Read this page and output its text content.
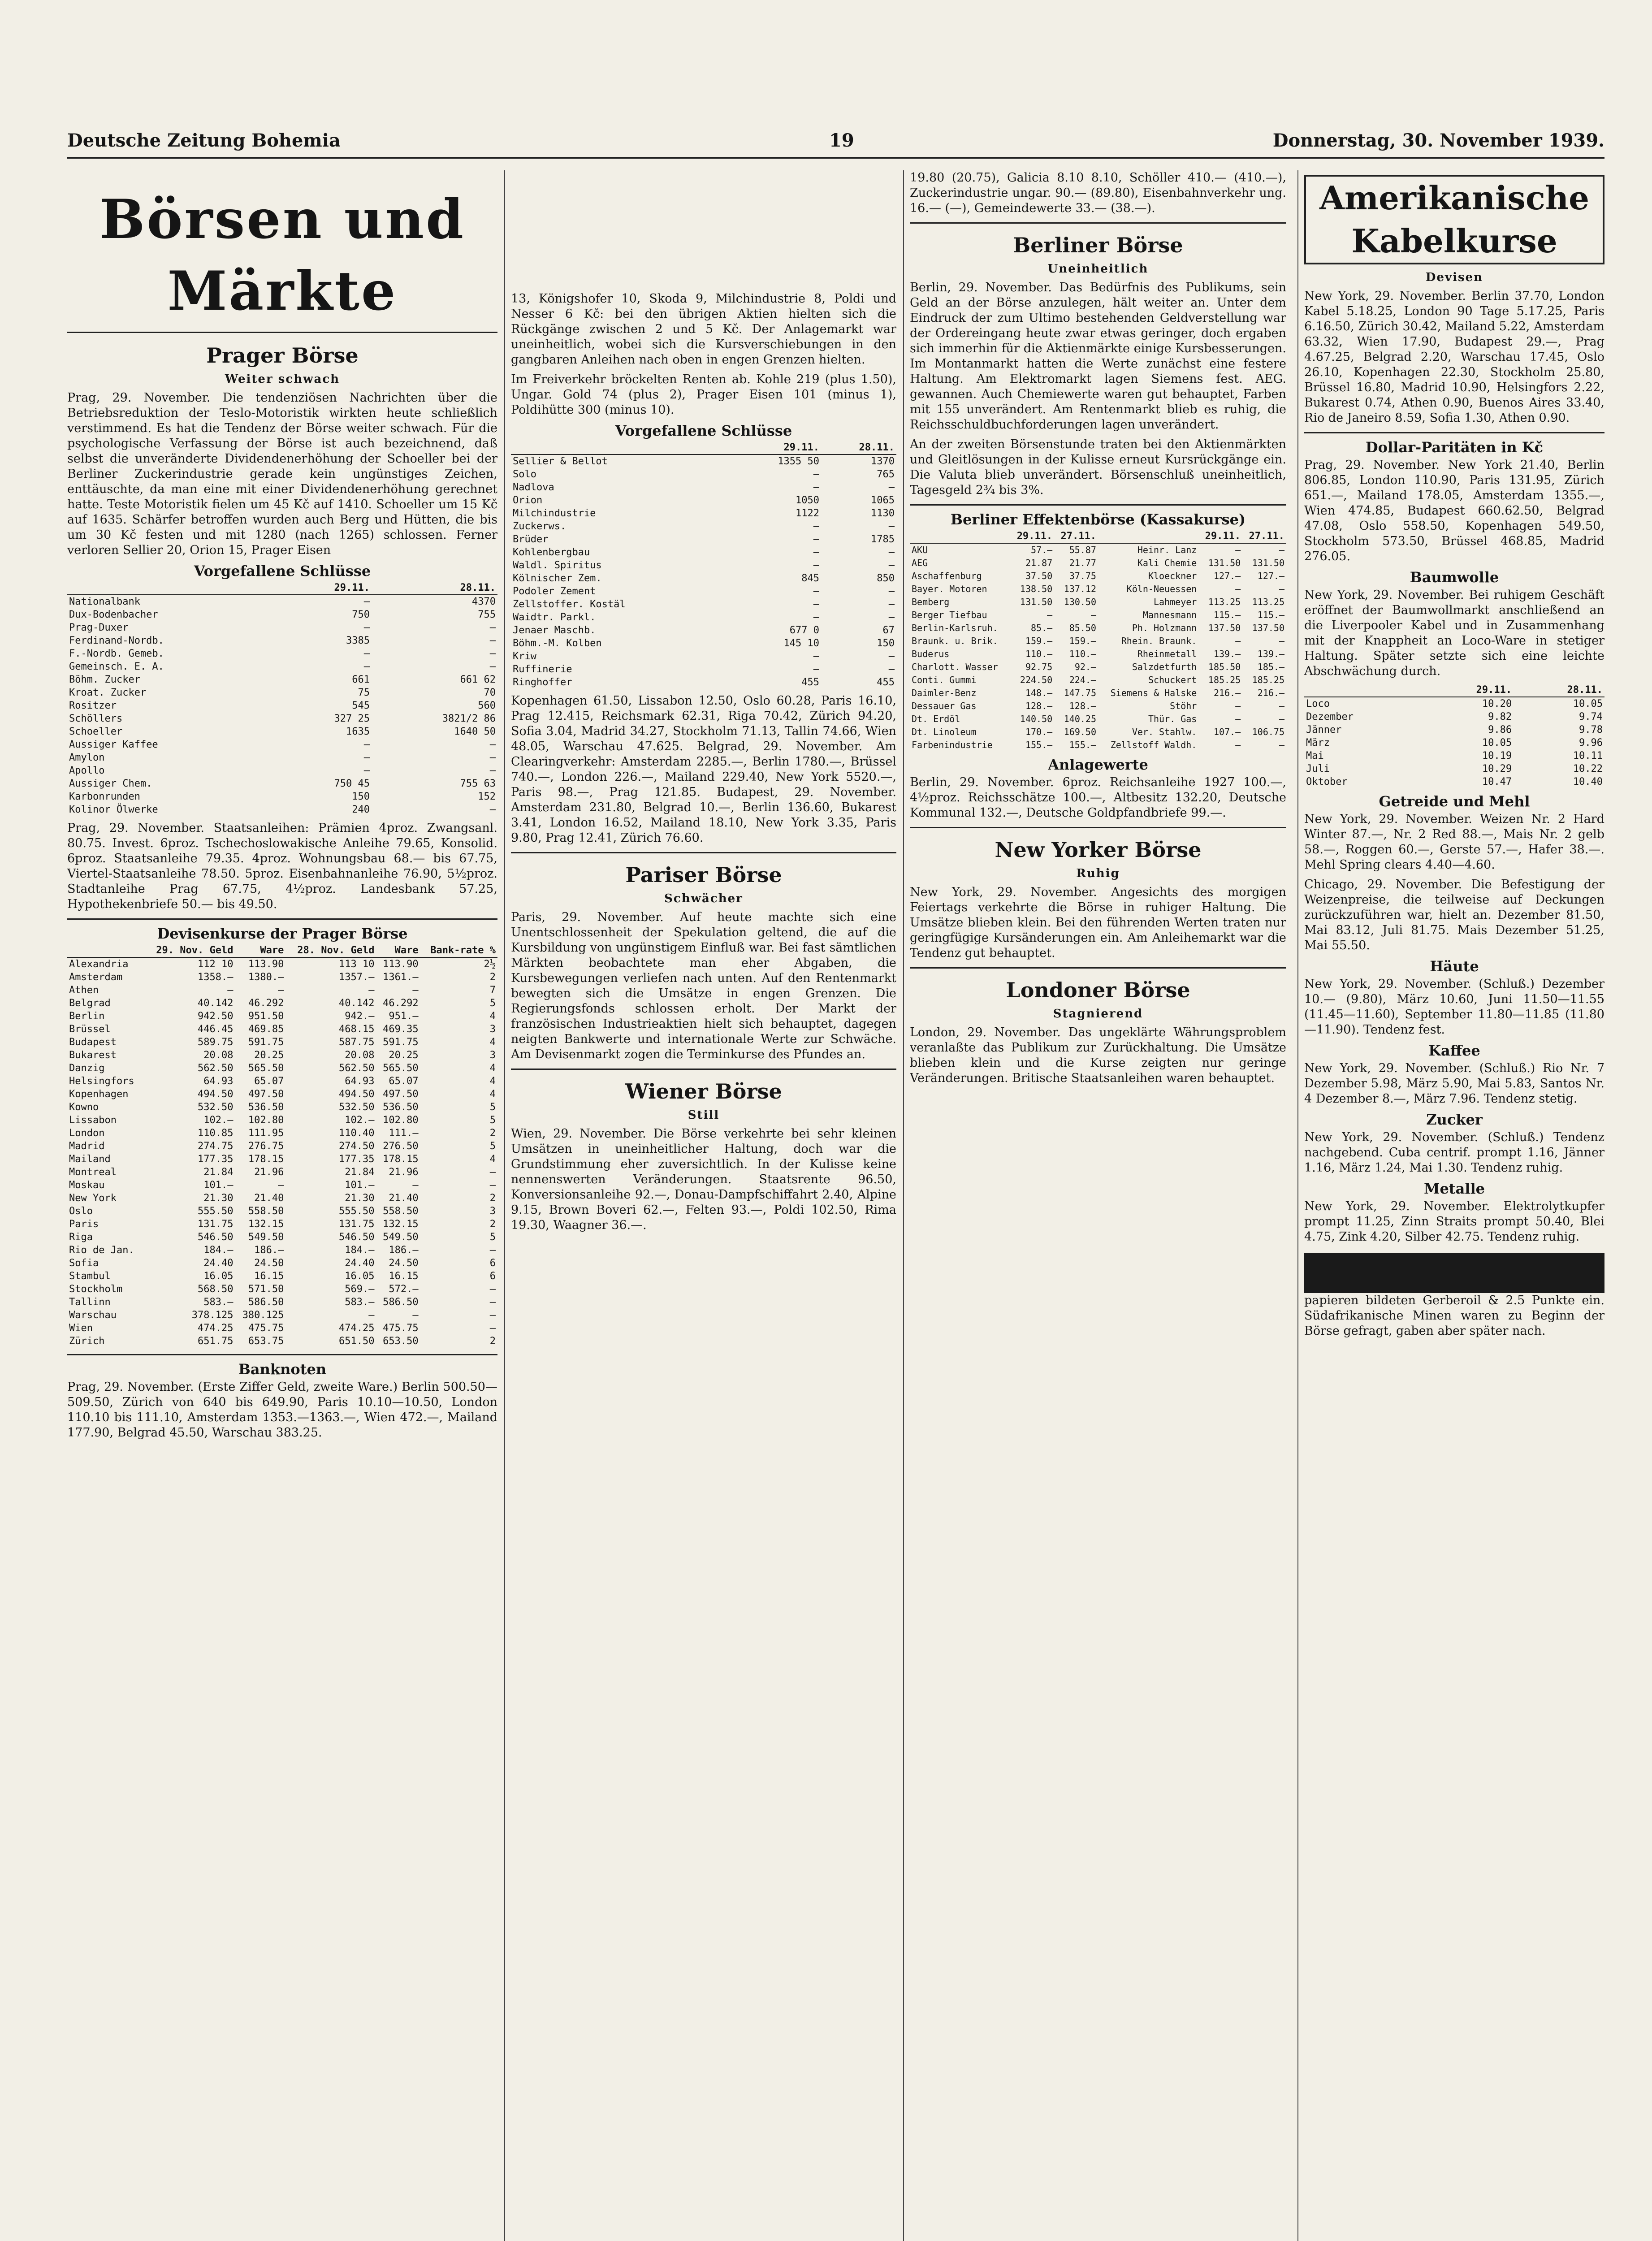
Deutsche Zeitung Bohemia	19	Donnerstag, 30. November 1939.
Börsen und Märkte
Prager Börse
Weiter schwach

Prag, 29. November. Die tendenziösen Nachrichten über die Betriebsreduktion der Teslo-Motoristik wirkten heute schließlich verstimmend. Es hat die Tendenz der Börse weiter schwach. Für die psychologische Verfassung der Börse ist auch bezeichnend, daß selbst die unveränderte Dividendenerhöhung der Schoeller bei der Berliner Zuckerindustrie gerade kein ungünstiges Zeichen, enttäuschte, da man eine mit einer Dividendenerhöhung gerechnet hatte. Teste Motoristik fielen um 45 Kč auf 1410. Schoeller um 15 Kč auf 1635. Schärfer betroffen wurden auch Berg und Hütten, die bis um 30 Kč festen und mit 1280 (nach 1265) schlossen. Ferner verloren Sellier 20, Orion 15, Prager Eisen

Vorgefallene Schlüsse
	29.11.	28.11.
Nationalbank	—	4370
Dux-Bodenbacher	750	755
Prag-Duxer	—	—
Ferdinand-Nordb.	3385	—
F.-Nordb. Gemeb.	—	—
Gemeinsch. E. A.	—	—
Böhm. Zucker	661	661 62
Kroat. Zucker	75	70
Rositzer	545	560
Schöllers	327 25	3821/2 86
Schoeller	1635	1640 50
Aussiger Kaffee	—	—
Amylon	—	—
Apollo	—	—
Aussiger Chem.	750 45	755 63
Karbonrunden	150	152
Kolinor Ölwerke	240	—

Prag, 29. November. Staatsanleihen: Prämien 4proz. Zwangsanl. 80.75. Invest. 6proz. Tschechoslowakische Anleihe 79.65, Konsolid. 6proz. Staatsanleihe 79.35. 4proz. Wohnungsbau 68.— bis 67.75, Viertel-Staatsanleihe 78.50. 5proz. Eisenbahnanleihe 76.90, 5½proz. Stadtanleihe Prag 67.75, 4½proz. Landesbank 57.25, Hypothekenbriefe 50.— bis 49.50.

Devisenkurse der Prager Börse
	29. Nov. Geld	Ware	28. Nov. Geld	Ware	Bank-rate %
Alexandria	112 10	113.90	113 10	113.90	2½
Amsterdam	1358.—	1380.—	1357.—	1361.—	2
Athen	—	—	—	—	7
Belgrad	40.142	46.292	40.142	46.292	5
Berlin	942.50	951.50	942.—	951.—	4
Brüssel	446.45	469.85	468.15	469.35	3
Budapest	589.75	591.75	587.75	591.75	4
Bukarest	20.08	20.25	20.08	20.25	3
Danzig	562.50	565.50	562.50	565.50	4
Helsingfors	64.93	65.07	64.93	65.07	4
Kopenhagen	494.50	497.50	494.50	497.50	4
Kowno	532.50	536.50	532.50	536.50	5
Lissabon	102.—	102.80	102.—	102.80	5
London	110.85	111.95	110.40	111.—	2
Madrid	274.75	276.75	274.50	276.50	5
Mailand	177.35	178.15	177.35	178.15	4
Montreal	21.84	21.96	21.84	21.96	—
Moskau	101.—	—	101.—	—	—
New York	21.30	21.40	21.30	21.40	2
Oslo	555.50	558.50	555.50	558.50	3
Paris	131.75	132.15	131.75	132.15	2
Riga	546.50	549.50	546.50	549.50	5
Rio de Jan.	184.—	186.—	184.—	186.—	—
Sofia	24.40	24.50	24.40	24.50	6
Stambul	16.05	16.15	16.05	16.15	6
Stockholm	568.50	571.50	569.—	572.—	—
Tallinn	583.—	586.50	583.—	586.50	—
Warschau	378.125	380.125	—	—	—
Wien	474.25	475.75	474.25	475.75	—
Zürich	651.75	653.75	651.50	653.50	2
Banknoten

Prag, 29. November. (Erste Ziffer Geld, zweite Ware.) Berlin 500.50—509.50, Zürich von 640 bis 649.90, Paris 10.10—10.50, London 110.10 bis 111.10, Amsterdam 1353.—1363.—, Wien 472.—, Mailand 177.90, Belgrad 45.50, Warschau 383.25.

13, Königshofer 10, Skoda 9, Milchindustrie 8, Poldi und Nesser 6 Kč: bei den übrigen Aktien hielten sich die Rückgänge zwischen 2 und 5 Kč. Der Anlagemarkt war uneinheitlich, wobei sich die Kursverschiebungen in den gangbaren Anleihen nach oben in engen Grenzen hielten.

Im Freiverkehr bröckelten Renten ab. Kohle 219 (plus 1.50), Ungar. Gold 74 (plus 2), Prager Eisen 101 (minus 1), Poldihütte 300 (minus 10).

Vorgefallene Schlüsse
	29.11.	28.11.
Sellier & Bellot	1355 50	1370
Solo	—	765
Nadlova	—	—
Orion	1050	1065
Milchindustrie	1122	1130
Zuckerws.	—	—
Brüder	—	1785
Kohlenbergbau	—	—
Waldl. Spiritus	—	—
Kölnischer Zem.	845	850
Podoler Zement	—	—
Zellstoffer. Kostäl	—	—
Waidtr. Parkl.	—	—
Jenaer Maschb.	677 0	67
Böhm.-M. Kolben	145 10	150
Kriw	—	—
Ruffinerie	—	—
Ringhoffer	455	455

Kopenhagen 61.50, Lissabon 12.50, Oslo 60.28, Paris 16.10, Prag 12.415, Reichsmark 62.31, Riga 70.42, Zürich 94.20, Sofia 3.04, Madrid 34.27, Stockholm 71.13, Tallin 74.66, Wien 48.05, Warschau 47.625. Belgrad, 29. November. Am Clearingverkehr: Amsterdam 2285.—, Berlin 1780.—, Brüssel 740.—, London 226.—, Mailand 229.40, New York 5520.—, Paris 98.—, Prag 121.85. Budapest, 29. November. Amsterdam 231.80, Belgrad 10.—, Berlin 136.60, Bukarest 3.41, London 16.52, Mailand 18.10, New York 3.35, Paris 9.80, Prag 12.41, Zürich 76.60.

Pariser Börse
Schwächer

Paris, 29. November. Auf heute machte sich eine Unentschlossenheit der Spekulation geltend, die auf die Kursbildung von ungünstigem Einfluß war. Bei fast sämtlichen Märkten beobachtete man eher Abgaben, die Kursbewegungen verliefen nach unten. Auf den Rentenmarkt bewegten sich die Umsätze in engen Grenzen. Die Regierungsfonds schlossen erholt. Der Markt der französischen Industrieaktien hielt sich behauptet, dagegen neigten Bankwerte und internationale Werte zur Schwäche. Am Devisenmarkt zogen die Terminkurse des Pfundes an.

Wiener Börse
Still

Wien, 29. November. Die Börse verkehrte bei sehr kleinen Umsätzen in uneinheitlicher Haltung, doch war die Grundstimmung eher zuversichtlich. In der Kulisse keine nennenswerten Veränderungen. Staatsrente 96.50, Konversionsanleihe 92.—, Donau-Dampfschiffahrt 2.40, Alpine 9.15, Brown Boveri 62.—, Felten 93.—, Poldi 102.50, Rima 19.30, Waagner 36.—.

19.80 (20.75), Galicia 8.10 8.10, Schöller 410.— (410.—), Zuckerindustrie ungar. 90.— (89.80), Eisenbahnverkehr ung. 16.— (—), Gemeindewerte 33.— (38.—).

Berliner Börse
Uneinheitlich

Berlin, 29. November. Das Bedürfnis des Publikums, sein Geld an der Börse anzulegen, hält weiter an. Unter dem Eindruck der zum Ultimo bestehenden Geldverstellung war der Ordereingang heute zwar etwas geringer, doch ergaben sich immerhin für die Aktienmärkte einige Kursbesserungen. Im Montanmarkt hatten die Werte zunächst eine festere Haltung. Am Elektromarkt lagen Siemens fest. AEG. gewannen. Auch Chemiewerte waren gut behauptet, Farben mit 155 unverändert. Am Rentenmarkt blieb es ruhig, die Reichsschuldbuchforderungen lagen unverändert.

An der zweiten Börsenstunde traten bei den Aktienmärkten und Gleitlösungen in der Kulisse erneut Kursrückgänge ein. Die Valuta blieb unverändert. Börsenschluß uneinheitlich, Tagesgeld 2¾ bis 3%.

Berliner Effektenbörse (Kassakurse)
	29.11.	27.11.		29.11.	27.11.
AKU	57.—	55.87	Heinr. Lanz	—	—
AEG	21.87	21.77	Kali Chemie	131.50	131.50
Aschaffenburg	37.50	37.75	Kloeckner	127.—	127.—
Bayer. Motoren	138.50	137.12	Köln-Neuessen	—	—
Bemberg	131.50	130.50	Lahmeyer	113.25	113.25
Berger Tiefbau	—	—	Mannesmann	115.—	115.—
Berlin-Karlsruh.	85.—	85.50	Ph. Holzmann	137.50	137.50
Braunk. u. Brik.	159.—	159.—	Rhein. Braunk.	—	—
Buderus	110.—	110.—	Rheinmetall	139.—	139.—
Charlott. Wasser	92.75	92.—	Salzdetfurth	185.50	185.—
Conti. Gummi	224.50	224.—	Schuckert	185.25	185.25
Daimler-Benz	148.—	147.75	Siemens & Halske	216.—	216.—
Dessauer Gas	128.—	128.—	Stöhr	—	—
Dt. Erdöl	140.50	140.25	Thür. Gas	—	—
Dt. Linoleum	170.—	169.50	Ver. Stahlw.	107.—	106.75
Farbenindustrie	155.—	155.—	Zellstoff Waldh.	—	—
Anlagewerte

Berlin, 29. November. 6proz. Reichsanleihe 1927 100.—, 4½proz. Reichsschätze 100.—, Altbesitz 132.20, Deutsche Kommunal 132.—, Deutsche Goldpfandbriefe 99.—.

New Yorker Börse
Ruhig

New York, 29. November. Angesichts des morgigen Feiertags verkehrte die Börse in ruhiger Haltung. Die Umsätze blieben klein. Bei den führenden Werten traten nur geringfügige Kursänderungen ein. Am Anleihemarkt war die Tendenz gut behauptet.

Londoner Börse
Stagnierend

London, 29. November. Das ungeklärte Währungsproblem veranlaßte das Publikum zur Zurückhaltung. Die Umsätze blieben klein und die Kurse zeigten nur geringe Veränderungen. Britische Staatsanleihen waren behauptet.

Amerikanische Kabelkurse
Devisen

New York, 29. November. Berlin 37.70, London Kabel 5.18.25, London 90 Tage 5.17.25, Paris 6.16.50, Zürich 30.42, Mailand 5.22, Amsterdam 63.32, Wien 17.90, Budapest 29.—, Prag 4.67.25, Belgrad 2.20, Warschau 17.45, Oslo 26.10, Kopenhagen 22.30, Stockholm 25.80, Brüssel 16.80, Madrid 10.90, Helsingfors 2.22, Bukarest 0.74, Athen 0.90, Buenos Aires 33.40, Rio de Janeiro 8.59, Sofia 1.30, Athen 0.90.

Dollar-Paritäten in Kč

Prag, 29. November. New York 21.40, Berlin 806.85, London 110.90, Paris 131.95, Zürich 651.—, Mailand 178.05, Amsterdam 1355.—, Wien 474.85, Budapest 660.62.50, Belgrad 47.08, Oslo 558.50, Kopenhagen 549.50, Stockholm 573.50, Brüssel 468.85, Madrid 276.05.

Baumwolle

New York, 29. November. Bei ruhigem Geschäft eröffnet der Baumwollmarkt anschließend an die Liverpooler Kabel und in Zusammenhang mit der Knappheit an Loco-Ware in stetiger Haltung. Später setzte sich eine leichte Abschwächung durch.

	29.11.	28.11.
Loco	10.20	10.05
Dezember	9.82	9.74
Jänner	9.86	9.78
März	10.05	9.96
Mai	10.19	10.11
Juli	10.29	10.22
Oktober	10.47	10.40
Getreide und Mehl

New York, 29. November. Weizen Nr. 2 Hard Winter 87.—, Nr. 2 Red 88.—, Mais Nr. 2 gelb 58.—, Roggen 60.—, Gerste 57.—, Hafer 38.—. Mehl Spring clears 4.40—4.60.

Chicago, 29. November. Die Befestigung der Weizenpreise, die teilweise auf Deckungen zurückzuführen war, hielt an. Dezember 81.50, Mai 83.12, Juli 81.75. Mais Dezember 51.25, Mai 55.50.

Häute

New York, 29. November. (Schluß.) Dezember 10.— (9.80), März 10.60, Juni 11.50—11.55 (11.45—11.60), September 11.80—11.85 (11.80—11.90). Tendenz fest.

Kaffee

New York, 29. November. (Schluß.) Rio Nr. 7 Dezember 5.98, März 5.90, Mai 5.83, Santos Nr. 4 Dezember 8.—, März 7.96. Tendenz stetig.

Zucker

New York, 29. November. (Schluß.) Tendenz nachgebend. Cuba centrif. prompt 1.16, Jänner 1.16, März 1.24, Mai 1.30. Tendenz ruhig.

Metalle

New York, 29. November. Elektrolytkupfer prompt 11.25, Zinn Straits prompt 50.40, Blei 4.75, Zink 4.20, Silber 42.75. Tendenz ruhig.

papieren bildeten Gerberoil & 2.5 Punkte ein. Südafrikanische Minen waren zu Beginn der Börse gefragt, gaben aber später nach.
